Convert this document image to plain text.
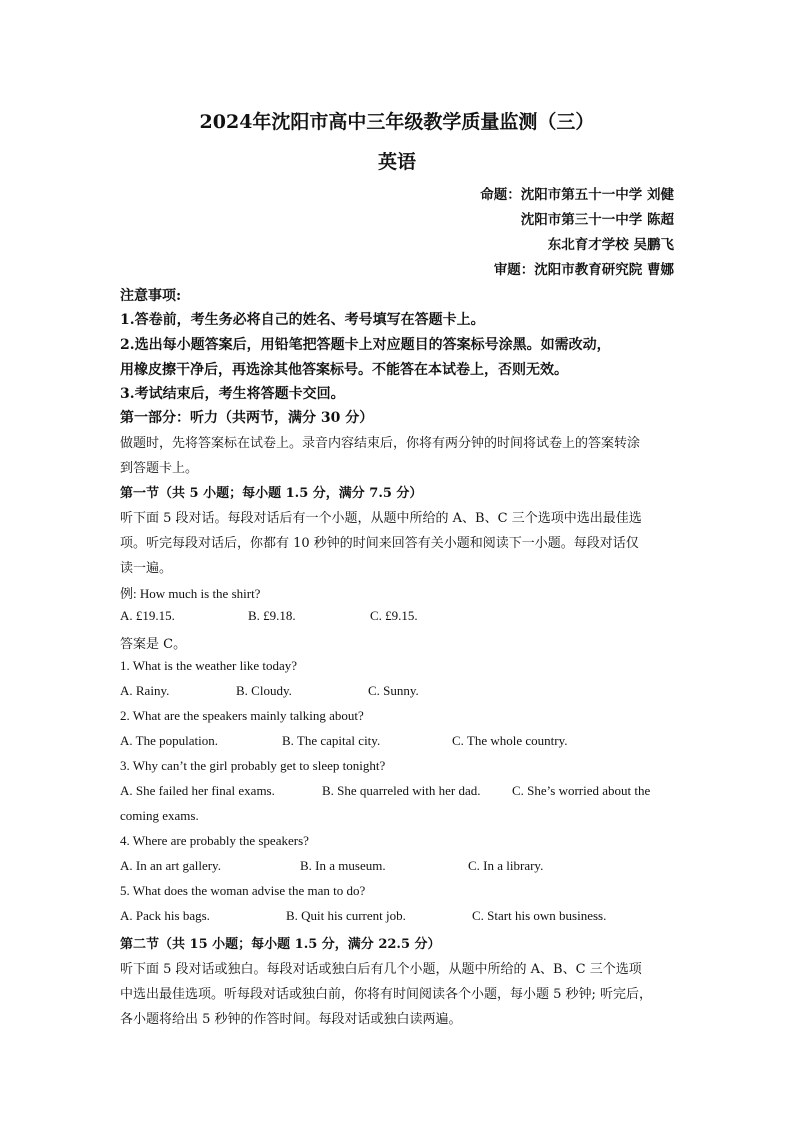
2024年沈阳市高中三年级教学质量监测（三）
英语
命题：沈阳市第五十一中学 刘健
沈阳市第三十一中学 陈超
东北育才学校 吴鹏飞
审题：沈阳市教育研究院 曹娜
注意事项:
1.答卷前，考生务必将自己的姓名、考号填写在答题卡上。
2.选出每小题答案后，用铅笔把答题卡上对应题目的答案标号涂黑。如需改动，
用橡皮擦干净后，再选涂其他答案标号。不能答在本试卷上，否则无效。
3.考试结束后，考生将答题卡交回。
第一部分：听力（共两节，满分 30 分）
做题时，先将答案标在试卷上。录音内容结束后，你将有两分钟的时间将试卷上的答案转涂
到答题卡上。
第一节（共 5 小题；每小题 1.5 分，满分 7.5 分）
听下面 5 段对话。每段对话后有一个小题，从题中所给的 A、B、C 三个选项中选出最佳选
项。听完每段对话后，你都有 10 秒钟的时间来回答有关小题和阅读下一小题。每段对话仅
读一遍。
例: How much is the shirt?
A. £19.15.	B. £9.18.	C. £9.15.
答案是 C。
1. What is the weather like today?
A. Rainy.	B. Cloudy.	C. Sunny.
2. What are the speakers mainly talking about?
A. The population.	B. The capital city.	C. The whole country.
3. Why can’t the girl probably get to sleep tonight?
A. She failed her final exams.	B. She quarreled with her dad. C. She’s worried about the
coming exams.
4. Where are probably the speakers?
A. In an art gallery.	B. In a museum.	C. In a library.
5. What does the woman advise the man to do?
A. Pack his bags.	B. Quit his current job.	C. Start his own business.
第二节（共 15 小题；每小题 1.5 分，满分 22.5 分）
听下面 5 段对话或独白。每段对话或独白后有几个小题，从题中所给的 A、B、C 三个选项
中选出最佳选项。听每段对话或独白前，你将有时间阅读各个小题，每小题 5 秒钟; 听完后，
各小题将给出 5 秒钟的作答时间。每段对话或独白读两遍。
